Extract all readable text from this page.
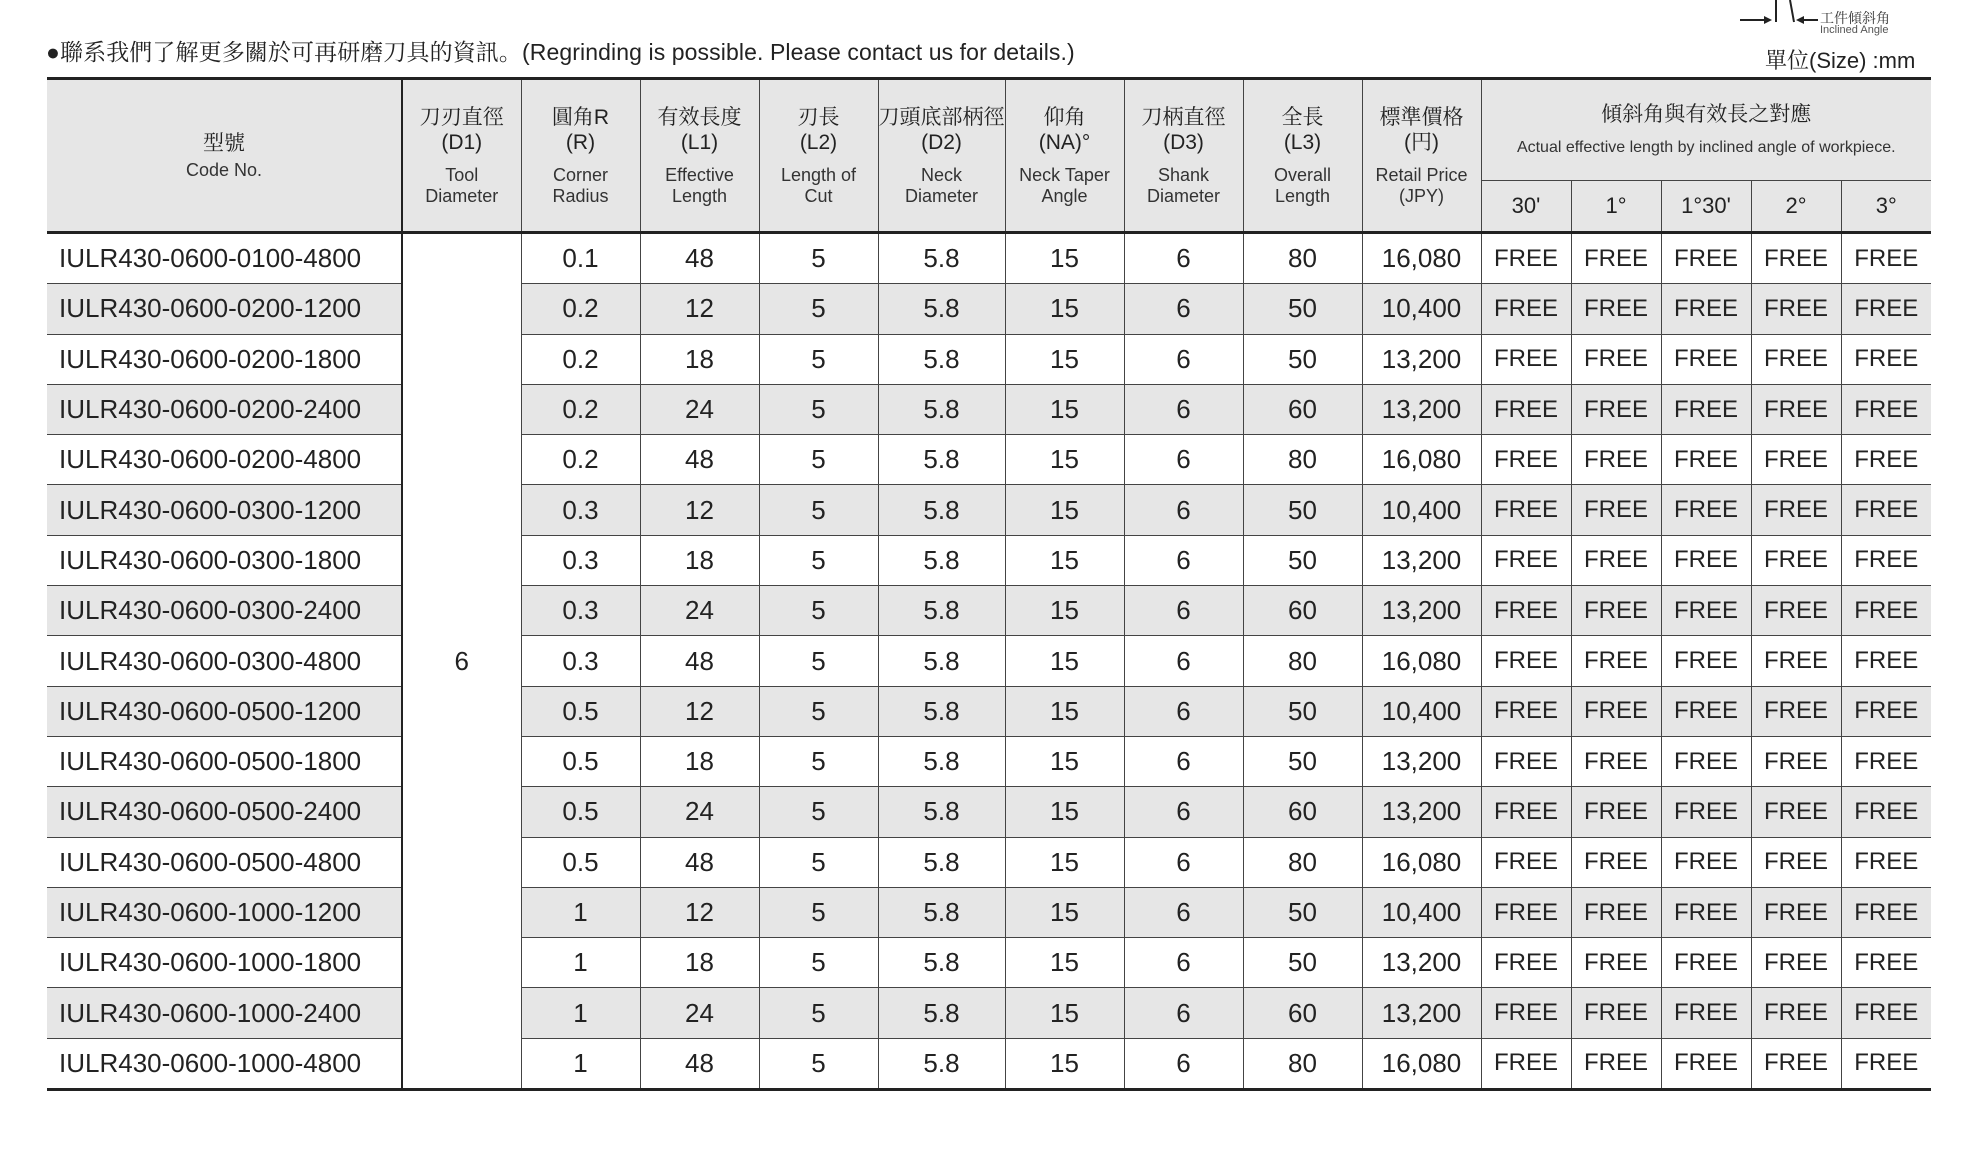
●聯系我們了解更多關於可再研磨刀具的資訊。(Regrinding is possible. Please contact us for details.)
工件傾斜角
Inclined Angle
單位(Size) :mm
型號
Code No.	刀刃直徑
(D1)
Tool
Diameter	圓角R
(R)
Corner
Radius	有效長度
(L1)
Effective
Length	刃長
(L2)
Length of
Cut	刀頭底部柄徑
(D2)
Neck
Diameter	仰角
(NA)°
Neck Taper
Angle	刀柄直徑
(D3)
Shank
Diameter	全長
(L3)
Overall
Length	標準價格
(円)
Retail Price
(JPY)	傾斜角與有效長之對應
Actual effective length by inclined angle of workpiece.				

										30'	1°	1°30'	2°	3°
IULR430-0600-0100-4800	6	0.1	48	5	5.8	15	6	80	16,080	FREE	FREE	FREE	FREE	FREE
IULR430-0600-0200-1200		0.2	12	5	5.8	15	6	50	10,400	FREE	FREE	FREE	FREE	FREE
IULR430-0600-0200-1800		0.2	18	5	5.8	15	6	50	13,200	FREE	FREE	FREE	FREE	FREE
IULR430-0600-0200-2400		0.2	24	5	5.8	15	6	60	13,200	FREE	FREE	FREE	FREE	FREE
IULR430-0600-0200-4800		0.2	48	5	5.8	15	6	80	16,080	FREE	FREE	FREE	FREE	FREE
IULR430-0600-0300-1200		0.3	12	5	5.8	15	6	50	10,400	FREE	FREE	FREE	FREE	FREE
IULR430-0600-0300-1800		0.3	18	5	5.8	15	6	50	13,200	FREE	FREE	FREE	FREE	FREE
IULR430-0600-0300-2400		0.3	24	5	5.8	15	6	60	13,200	FREE	FREE	FREE	FREE	FREE
IULR430-0600-0300-4800		0.3	48	5	5.8	15	6	80	16,080	FREE	FREE	FREE	FREE	FREE
IULR430-0600-0500-1200		0.5	12	5	5.8	15	6	50	10,400	FREE	FREE	FREE	FREE	FREE
IULR430-0600-0500-1800		0.5	18	5	5.8	15	6	50	13,200	FREE	FREE	FREE	FREE	FREE
IULR430-0600-0500-2400		0.5	24	5	5.8	15	6	60	13,200	FREE	FREE	FREE	FREE	FREE
IULR430-0600-0500-4800		0.5	48	5	5.8	15	6	80	16,080	FREE	FREE	FREE	FREE	FREE
IULR430-0600-1000-1200		1	12	5	5.8	15	6	50	10,400	FREE	FREE	FREE	FREE	FREE
IULR430-0600-1000-1800		1	18	5	5.8	15	6	50	13,200	FREE	FREE	FREE	FREE	FREE
IULR430-0600-1000-2400		1	24	5	5.8	15	6	60	13,200	FREE	FREE	FREE	FREE	FREE
IULR430-0600-1000-4800		1	48	5	5.8	15	6	80	16,080	FREE	FREE	FREE	FREE	FREE
